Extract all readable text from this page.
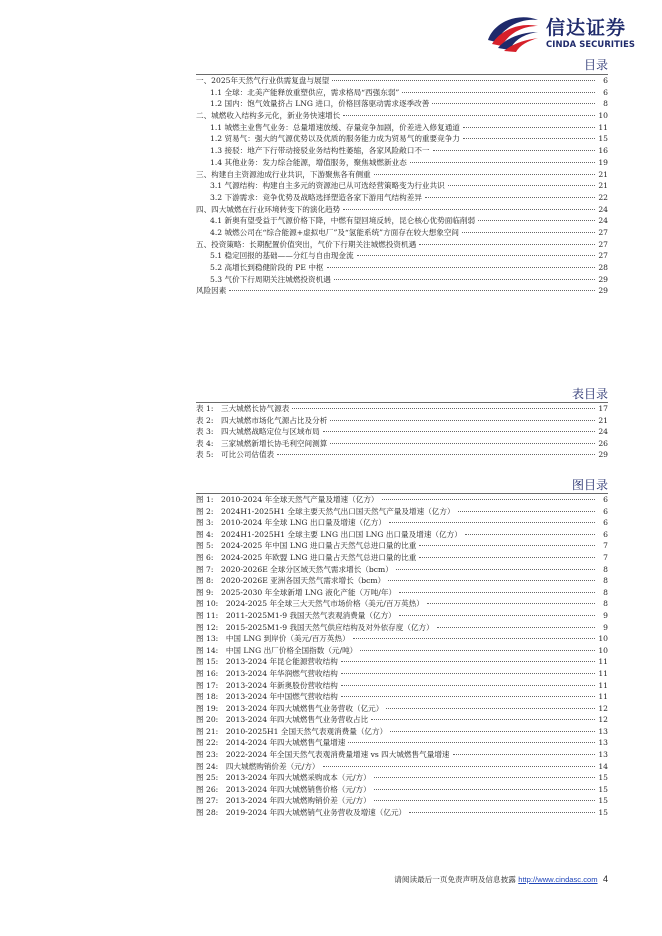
信达证券
CINDA SECURITIES
目录
一、2025年天然气行业供需复盘与展望	6
1.1 全球：北美产能释放重塑供应，需求格局“西强东弱”	6
1.2 国内：饱气效量挤占 LNG 进口，价格回落驱动需求逐季改善	8
二、城燃收入结构多元化，新业务快速增长	10
1.1 城燃主业售气业务：总量增速放缓、存量竞争加剧，价差进入修复通道	11
1.2 贸易气：强大的气源优势以及优质的服务能力成为贸易气的重要竞争力	15
1.3 接驳：地产下行带动接驳业务结构性萎缩，各家风险敞口不一	16
1.4 其他业务：发力综合能源，增值服务，聚焦城燃新业态	19
三、构建自主资源池成行业共识，下游聚焦各有侧重	21
3.1 气源结构：构建自主多元的资源池已从可选经营策略变为行业共识	21
3.2 下游需求：竞争优势及战略选择塑造各家下游用气结构差异	22
四、四大城燃在行业环境转变下的演化趋势	24
4.1 新奥有望受益于气源价格下降，中燃有望回境反转，昆仑核心优势面临削弱	24
4.2 城燃公司在“综合能源+虚拟电厂”及“氢能系统”方面存在较大想象空间	27
五、投资策略：长期配置价值突出，气价下行期关注城燃投资机遇	27
5.1 稳定回报的基础——分红与自由现金流	27
5.2 高增长到稳健阶段的 PE 中枢	28
5.3 气价下行周期关注城燃投资机遇	29
风险因素	29
表目录
表 1:　三大城燃长协气源表	17
表 2:　四大城燃市场化气源占比及分析	21
表 3:　四大城燃战略定位与区域布局	24
表 4:　三家城燃新增长协毛利空间测算	26
表 5:　可比公司估值表	29
图目录
图 1:　2010-2024 年全球天然气产量及增速（亿方）	6
图 2:　2024H1-2025H1 全球主要天然气出口国天然气产量及增速（亿方）	6
图 3:　2010-2024 年全球 LNG 出口量及增速（亿方）	6
图 4:　2024H1-2025H1 全球主要 LNG 出口国 LNG 出口量及增速（亿方）	6
图 5:　2024-2025 年中国 LNG 进口量占天然气总进口量的比重	7
图 6:　2024-2025 年欧盟 LNG 进口量占天然气总进口量的比重	7
图 7:　2020-2026E 全球分区域天然气需求增长（bcm）	8
图 8:　2020-2026E 亚洲各国天然气需求增长（bcm）	8
图 9:　2025-2030 年全球新增 LNG 液化产能（万吨/年）	8
图 10:　2024-2025 年全球三大天然气市场价格（美元/百万英热）	8
图 11:　2011-2025M1-9 我国天然气表观消费量（亿方）	9
图 12:　2015-2025M1-9 我国天然气供应结构及对外依存度（亿方）	9
图 13:　中国 LNG 到岸价（美元/百万英热）	10
图 14:　中国 LNG 出厂价格全国指数（元/吨）	10
图 15:　2013-2024 年昆仑能源营收结构	11
图 16:　2013-2024 年华润燃气营收结构	11
图 17:　2013-2024 年新奥股份营收结构	11
图 18:　2013-2024 年中国燃气营收结构	11
图 19:　2013-2024 年四大城燃售气业务营收（亿元）	12
图 20:　2013-2024 年四大城燃售气业务营收占比	12
图 21:　2010-2025H1 全国天然气表观消费量（亿方）	13
图 22:　2014-2024 年四大城燃售气量增速	13
图 23:　2022-2024 年全国天然气表观消费量增速 vs 四大城燃售气量增速	13
图 24:　四大城燃购销价差（元/方）	14
图 25:　2013-2024 年四大城燃采购成本（元/方）	15
图 26:　2013-2024 年四大城燃销售价格（元/方）	15
图 27:　2013-2024 年四大城燃购销价差（元/方）	15
图 28:　2019-2024 年四大城燃销气业务营收及增速（亿元）	15
请阅读最后一页免责声明及信息披露 http://www.cindasc.com 4
